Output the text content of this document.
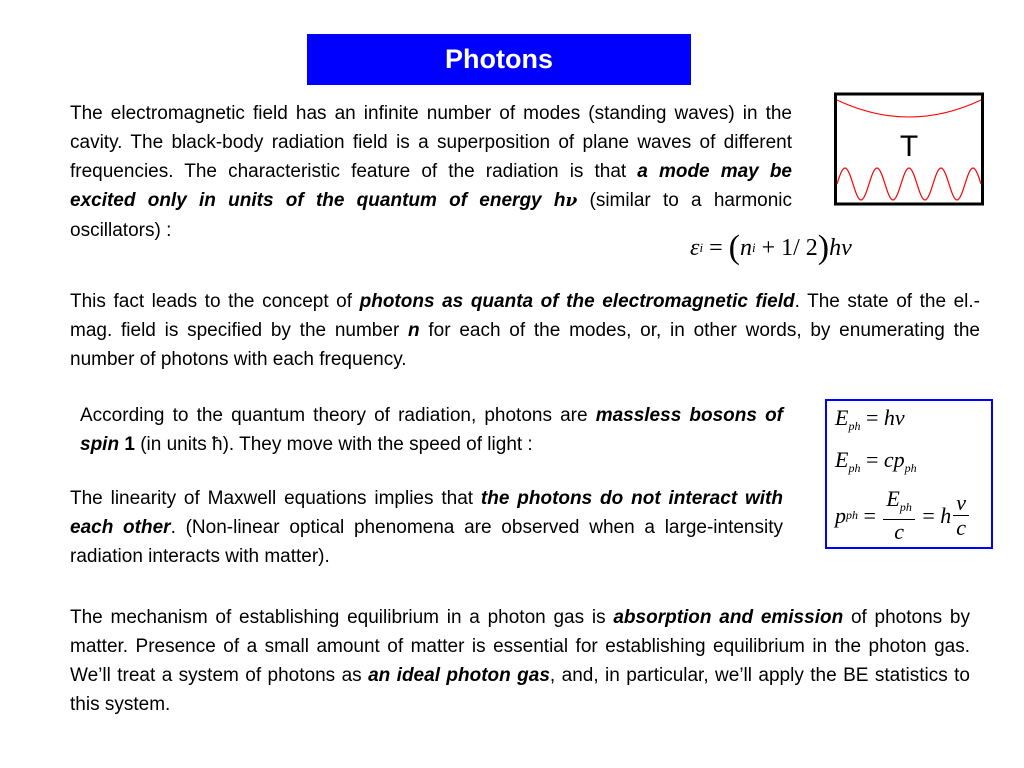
Photons

The electromagnetic field has an infinite number of modes (standing waves) in the cavity. The black-body radiation field is a superposition of plane waves of different frequencies. The characteristic feature of the radiation is that a mode may be excited only in units of the quantum of energy hν (similar to a harmonic oscillators) :

T
ε i = ( n i + 1/ 2 ) h ν

This fact leads to the concept of photons as quanta of the electromagnetic field. The state of the el.-mag. field is specified by the number n for each of the modes, or, in other words, by enumerating the number of photons with each frequency.

According to the quantum theory of radiation, photons are massless bosons of spin 1 (in units ħ). They move with the speed of light :

The linearity of Maxwell equations implies that the photons do not interact with each other. (Non-linear optical phenomena are observed when a large-intensity radiation interacts with matter).

$E_{ph} = h\nu$
$E_{ph} = cp_{ph}$
p ph = $\frac{E_{ph}}{c} = h \frac{\nu}{c}$

The mechanism of establishing equilibrium in a photon gas is absorption and emission of photons by matter. Presence of a small amount of matter is essential for establishing equilibrium in the photon gas. We’ll treat a system of photons as an ideal photon gas, and, in particular, we’ll apply the BE statistics to this system.
